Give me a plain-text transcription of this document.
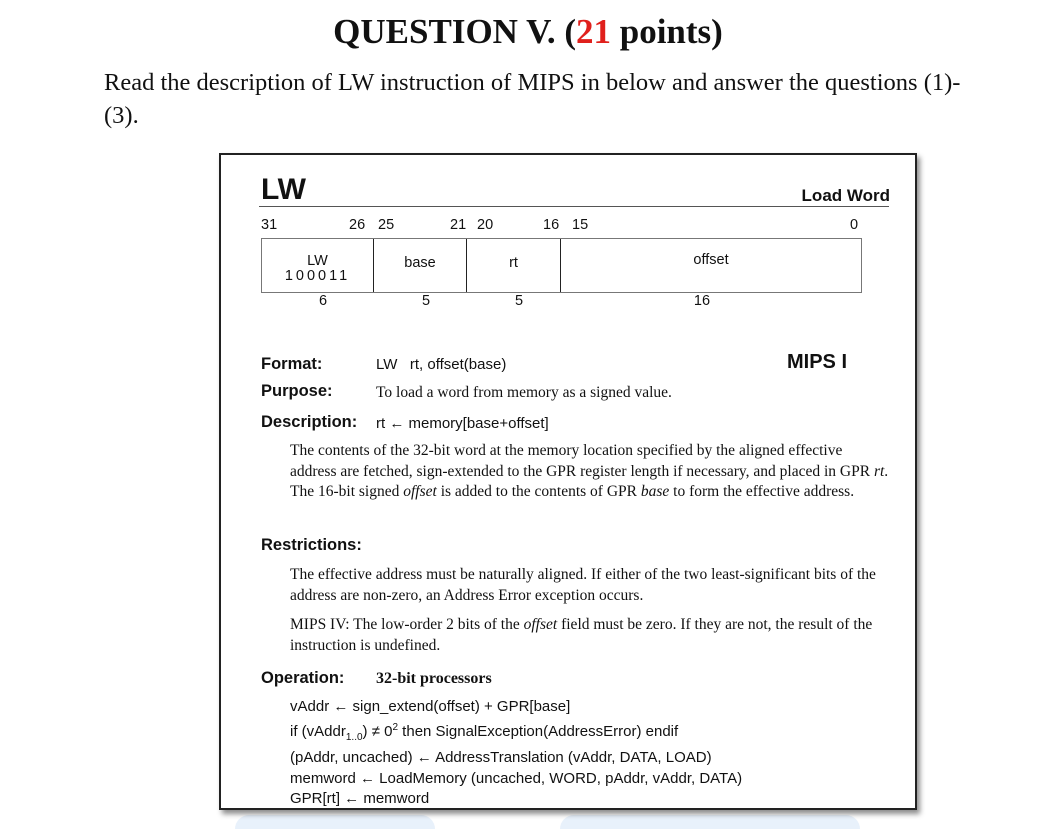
QUESTION V. (21 points)
Read the description of LW instruction of MIPS in below and answer the questions (1)-(3).
LW	Load Word
31	26 25	21 20	16 15	0
LW
100011
base	rt	offset
6	5	5	16
Format:	LW   rt, offset(base)	MIPS I
Purpose:	To load a word from memory as a signed value.
Description: rt ← memory[base+offset]
The contents of the 32-bit word at the memory location specified by the aligned effective address are fetched, sign-extended to the GPR register length if necessary, and placed in GPR rt. The 16-bit signed offset is added to the contents of GPR base to form the effective address.
Restrictions:
The effective address must be naturally aligned. If either of the two least-significant bits of the address are non-zero, an Address Error exception occurs.
MIPS IV: The low-order 2 bits of the offset field must be zero. If they are not, the result of the instruction is undefined.
Operation: 32-bit processors
vAddr ← sign_extend(offset) + GPR[base]
if (vAddr$_{1..0}$) ≠ $0^2$ then SignalException(AddressError) endif
(pAddr, uncached) ← AddressTranslation (vAddr, DATA, LOAD)
memword ← LoadMemory (uncached, WORD, pAddr, vAddr, DATA)
GPR[rt] ← memword
